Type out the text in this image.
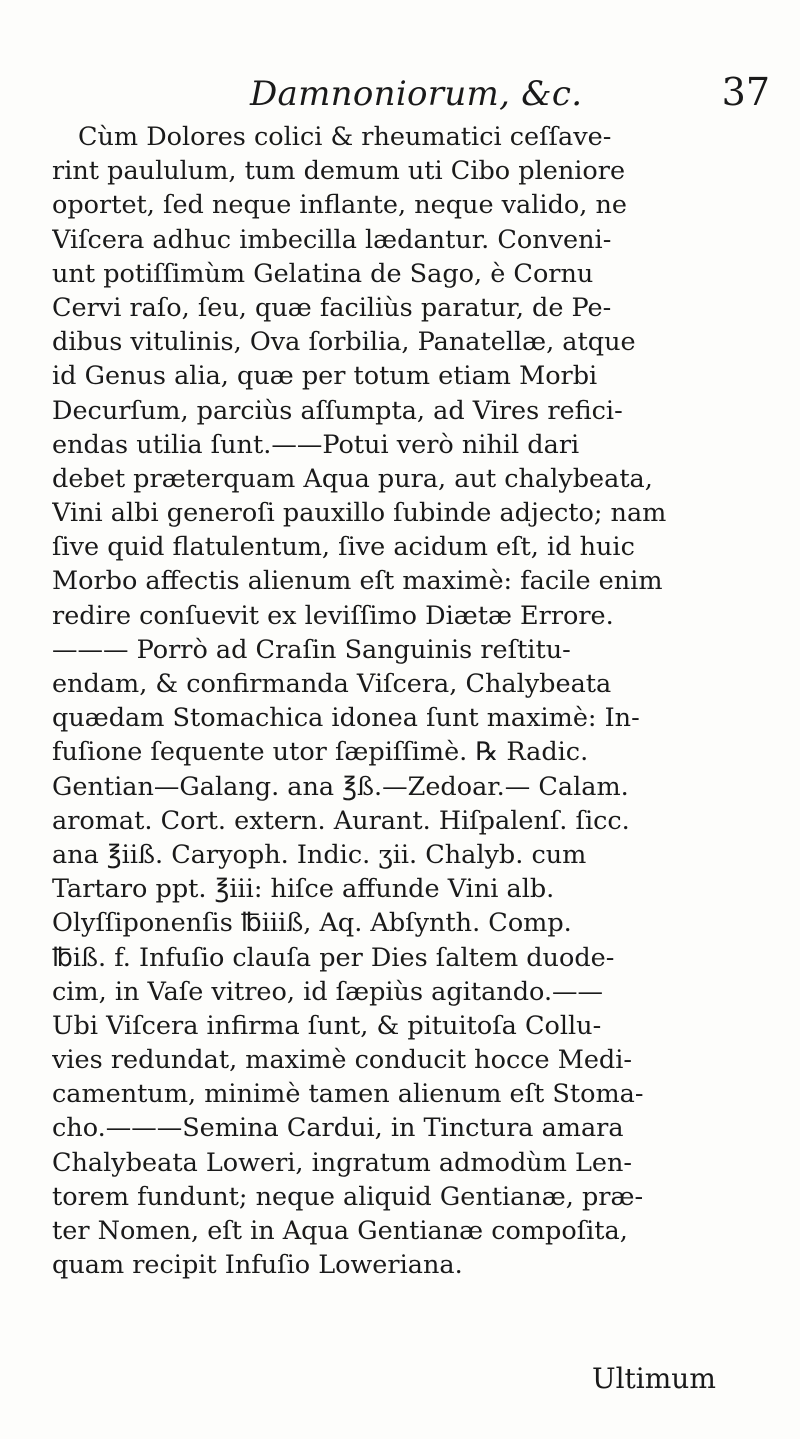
Damnoniorum, &c.	37
Cùm Dolores colici & rheumatici ceſſave-
rint paululum, tum demum uti Cibo pleniore
oportet, ſed neque inflante, neque valido, ne
Viſcera adhuc imbecilla lædantur. Conveni-
unt potiſſimùm Gelatina de Sago, è Cornu
Cervi raſo, ſeu, quæ faciliùs paratur, de Pe-
dibus vitulinis, Ova ſorbilia, Panatellæ, atque
id Genus alia, quæ per totum etiam Morbi
Decurſum, parciùs aſſumpta, ad Vires refici-
endas utilia ſunt.——Potui verò nihil dari
debet præterquam Aqua pura, aut chalybeata,
Vini albi generoſi pauxillo ſubinde adjecto; nam
ſive quid flatulentum, ſive acidum eſt, id huic
Morbo affectis alienum eſt maximè: facile enim
redire conſuevit ex leviſſimo Diætæ Errore.
——— Porrò ad Craſin Sanguinis reſtitu-
endam, & confirmanda Viſcera, Chalybeata
quædam Stomachica idonea ſunt maximè: In-
fuſione ſequente utor ſæpiſſimè. ℞ Radic.
Gentian—Galang. ana ℥ß.—Zedoar.— Calam.
aromat. Cort. extern. Aurant. Hiſpalenſ. ſicc.
ana ℥iiß. Caryoph. Indic. ʒii. Chalyb. cum
Tartaro ppt. ℥iii: hiſce affunde Vini alb.
Olyſſiponenſis ℔iiiß, Aq. Abſynth. Comp.
℔iß. f. Infuſio clauſa per Dies ſaltem duode-
cim, in Vaſe vitreo, id ſæpiùs agitando.——
Ubi Viſcera infirma ſunt, & pituitoſa Collu-
vies redundat, maximè conducit hocce Medi-
camentum, minimè tamen alienum eſt Stoma-
cho.———Semina Cardui, in Tinctura amara
Chalybeata Loweri, ingratum admodùm Len-
torem fundunt; neque aliquid Gentianæ, præ-
ter Nomen, eſt in Aqua Gentianæ compoſita,
quam recipit Infuſio Loweriana.
Ultimum
